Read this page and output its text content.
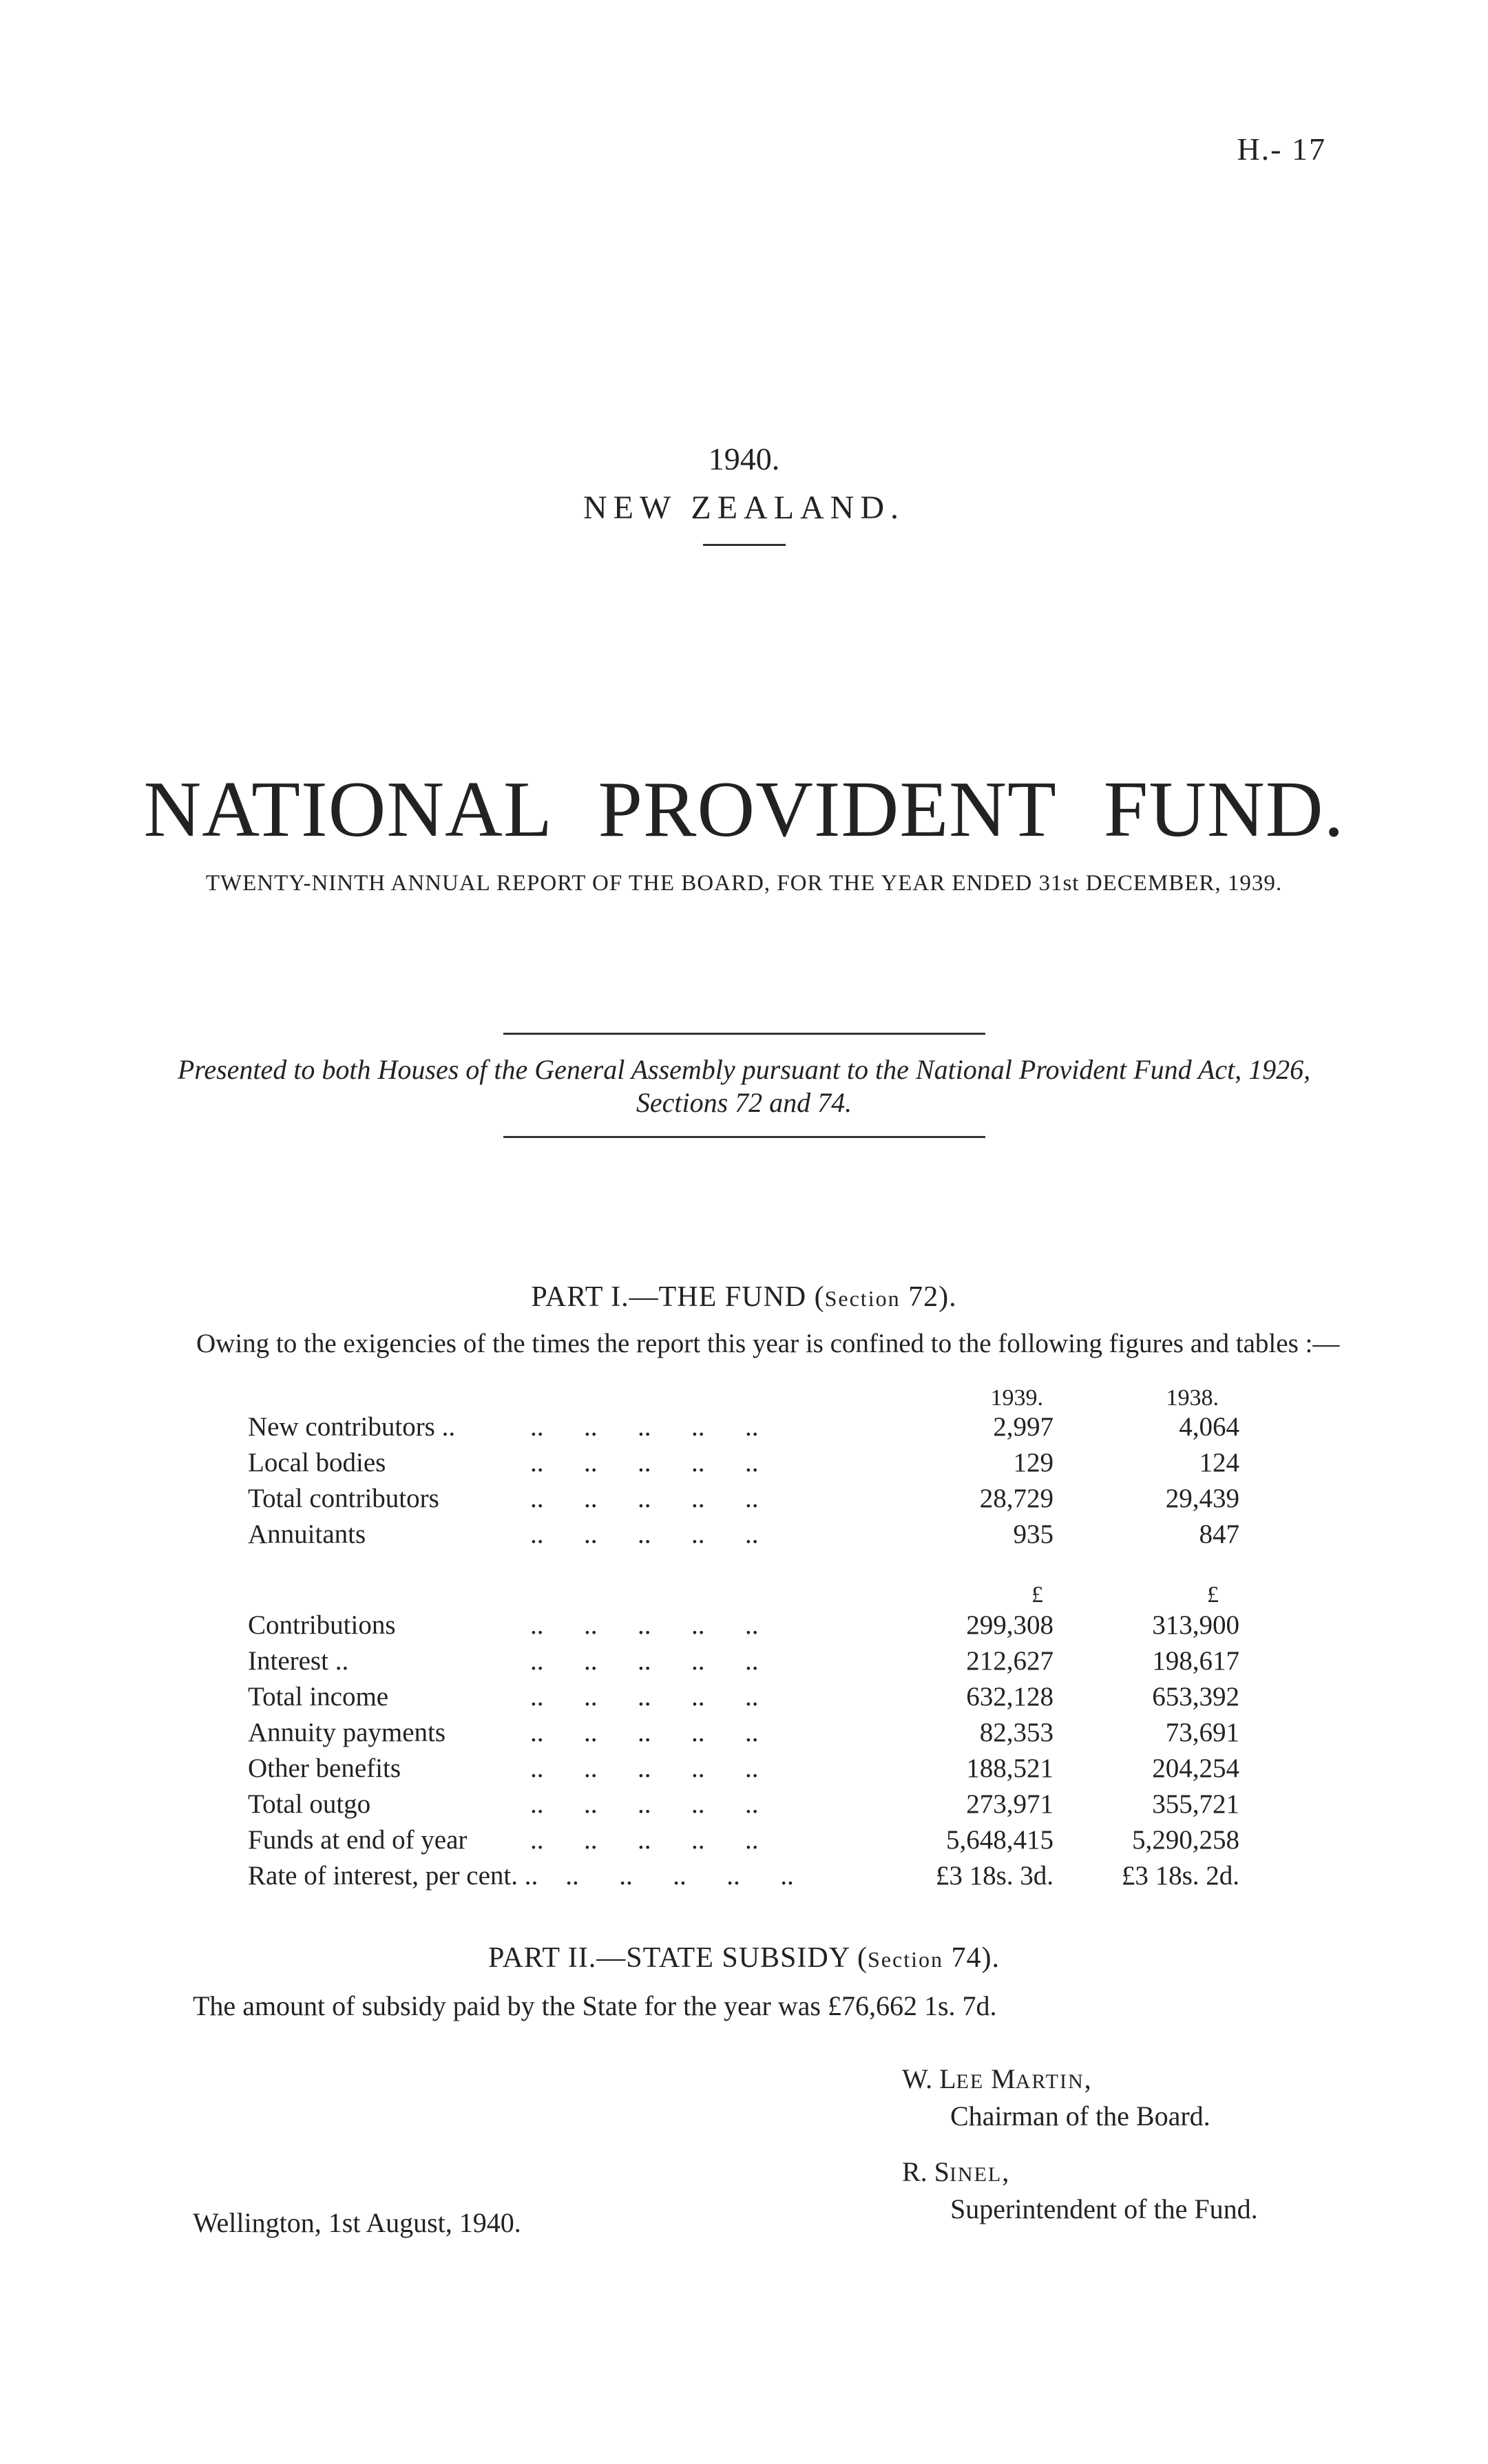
H.- 17
1940.
NEW ZEALAND.
NATIONAL PROVIDENT FUND.
TWENTY-NINTH ANNUAL REPORT OF THE BOARD, FOR THE YEAR ENDED 31st DECEMBER, 1939.
Presented to both Houses of the General Assembly pursuant to the National Provident Fund Act, 1926,
Sections 72 and 74.
PART I.—THE FUND (Section 72).
Owing to the exigencies of the times the report this year is confined to the following figures and tables :—
1939.	1938.
New contributors ..	..      ..      ..      ..      ..	2,997	4,064
Local bodies	..      ..      ..      ..      ..	129	124
Total contributors	..      ..      ..      ..      ..	28,729	29,439
Annuitants	..      ..      ..      ..      ..	935	847
£	£
Contributions	..      ..      ..      ..      ..	299,308	313,900
Interest ..	..      ..      ..      ..      ..	212,627	198,617
Total income	..      ..      ..      ..      ..	632,128	653,392
Annuity payments	..      ..      ..      ..      ..	82,353	73,691
Other benefits	..      ..      ..      ..      ..	188,521	204,254
Total outgo	..      ..      ..      ..      ..	273,971	355,721
Funds at end of year ..      ..      ..      ..      ..	5,648,415	5,290,258
Rate of interest, per cent. .. ..      ..      ..      ..      ..	£3 18s. 3d.	£3 18s. 2d.
PART II.—STATE SUBSIDY (Section 74).
The amount of subsidy paid by the State for the year was £76,662 1s. 7d.
W. LEE MARTIN,
Chairman of the Board.
R. SINEL,
Superintendent of the Fund.
Wellington, 1st August, 1940.
